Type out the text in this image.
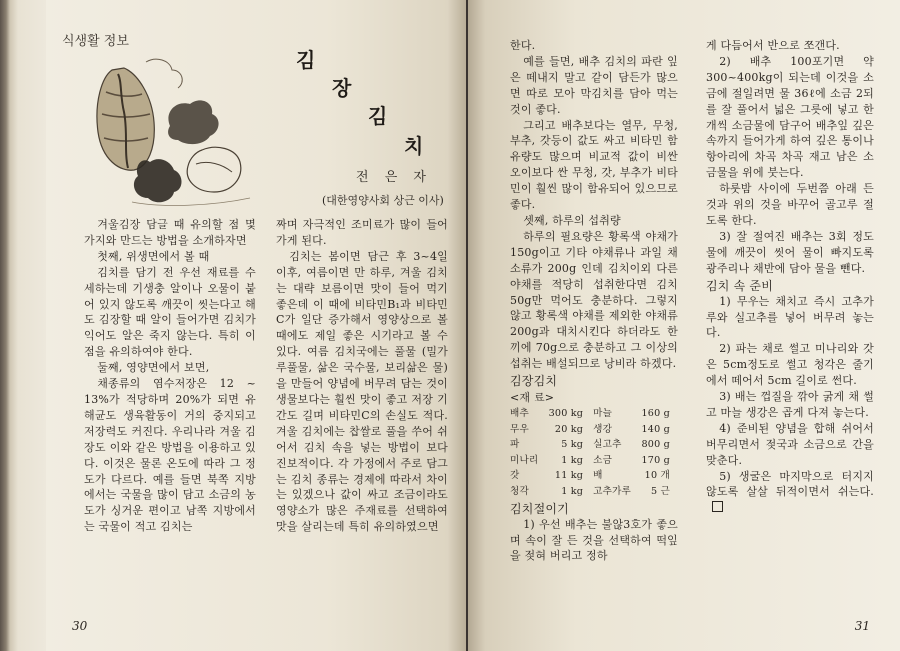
식생활 정보
김
장
김
치
전 은 자
(대한영양사회 상근 이사)

겨울김장 담글 때 유의할 점 몇 가지와 만드는 방법을 소개하자면

첫째, 위생면에서 볼 때

김치를 담기 전 우선 재료를 수세하는데 기생충 알이나 오물이 붙어 있지 않도록 깨끗이 씻는다고 해도 김장할 때 알이 들어가면 김치가 익어도 알은 죽지 않는다. 특히 이 점을 유의하여야 한다.

둘째, 영양면에서 보면,

채종류의 염수저장은 12 ~ 13%가 적당하며 20%가 되면 유해균도 생육활동이 거의 중지되고 저장력도 커진다. 우리나라 겨울 김장도 이와 같은 방법을 이용하고 있다. 이것은 물론 온도에 따라 그 정도가 다르다. 예를 들면 북쪽 지방에서는 국물을 많이 담고 소금의 농도가 싱거운 편이고 남쪽 지방에서는 국물이 적고 김치는

짜며 자극적인 조미료가 많이 들어가게 된다.

김치는 봄이면 담근 후 3~4일 이후, 여름이면 만 하루, 겨울 김치는 대략 보름이면 맛이 들어 먹기 좋은데 이 때에 비타민B₁과 비타민 C가 일단 증가해서 영양상으로 볼 때에도 제일 좋은 시기라고 볼 수 있다. 여름 김치국에는 풀물 (밀가루풀물, 삶은 국수물, 보리삶은 물)을 만들어 양념에 버무려 담는 것이 생물보다는 훨씬 맛이 좋고 저장 기간도 길며 비타민C의 손실도 적다. 겨울 김치에는 찹쌀로 풀을 쑤어 쉬어서 김치 속을 넣는 방법이 보다 진보적이다. 각 가정에서 주로 담그는 김치 종류는 경제에 따라서 차이는 있겠으나 값이 싸고 조금이라도 영양소가 많은 주재료를 선택하여 맛을 살리는데 특히 유의하였으면

30

한다.

예를 들면, 배추 김치의 파란 잎은 떼내지 말고 같이 담든가 많으면 따로 모아 막김치를 담아 먹는 것이 좋다.

그리고 배추보다는 열무, 무청, 부추, 갓등이 값도 싸고 비타민 함유량도 많으며 비교적 값이 비싼 오이보다 싼 무청, 갓, 부추가 비타민이 훨씬 많이 함유되어 있으므로 좋다.

셋째, 하루의 섭취량

하루의 필요량은 황록색 야채가 150g이고 기타 야채류나 과일 채소류가 200g 인데 김치이외 다른 야채를 적당히 섭취한다면 김치 50g만 먹어도 충분하다. 그렇지 않고 황록색 야채를 제외한 야채류 200g과 대치시킨다 하더라도 한 끼에 70g으로 충분하고 그 이상의 섭취는 배설되므로 낭비라 하겠다.

김장김치
<재 료>
배추	300 kg	마늘	160 g
무우	20 kg	생강	140 g
파	5 kg	실고추	800 g
미나리	1 kg	소금	170 g
갓	11 kg	배	10 개
청각	1 kg	고추가루	5 근
김치절이기

1) 우선 배추는 불않3호가 좋으며 속이 잘 든 것을 선택하여 떡잎을 젖혀 버리고 정하

게 다듬어서 반으로 쪼갠다.

2) 배추 100포기면 약 300~400kg이 되는데 이것을 소금에 절일려면 물 36ℓ에 소금 2되를 잘 풀어서 넓은 그릇에 넣고 한 개씩 소금물에 담구어 배추잎 깊은 속까지 들어가게 하여 깊은 통이나 항아리에 차곡 차곡 재고 남은 소금물을 위에 붓는다.

하룻밤 사이에 두번쯤 아래 든 것과 위의 것을 바꾸어 골고루 절도록 한다.

3) 잘 절여진 배추는 3회 정도 물에 깨끗이 씻어 물이 빠지도록 광주리나 채반에 담아 물을 뺀다.

김치 속 준비

1) 무우는 채치고 즉시 고추가루와 실고추를 넣어 버무려 놓는다.

2) 파는 채로 썰고 미나리와 갓은 5cm정도로 썰고 청각은 줄기에서 떼어서 5cm 길이로 썬다.

3) 배는 껍질을 깎아 굵게 채 썰고 마늘 생강은 곱게 다져 놓는다.

4) 준비된 양념을 합해 쉬어서 버무리면서 젖국과 소금으로 간을 맞춘다.

5) 생굴은 마지막으로 터지지 않도록 살살 뒤적이면서 쉬는다.

31
